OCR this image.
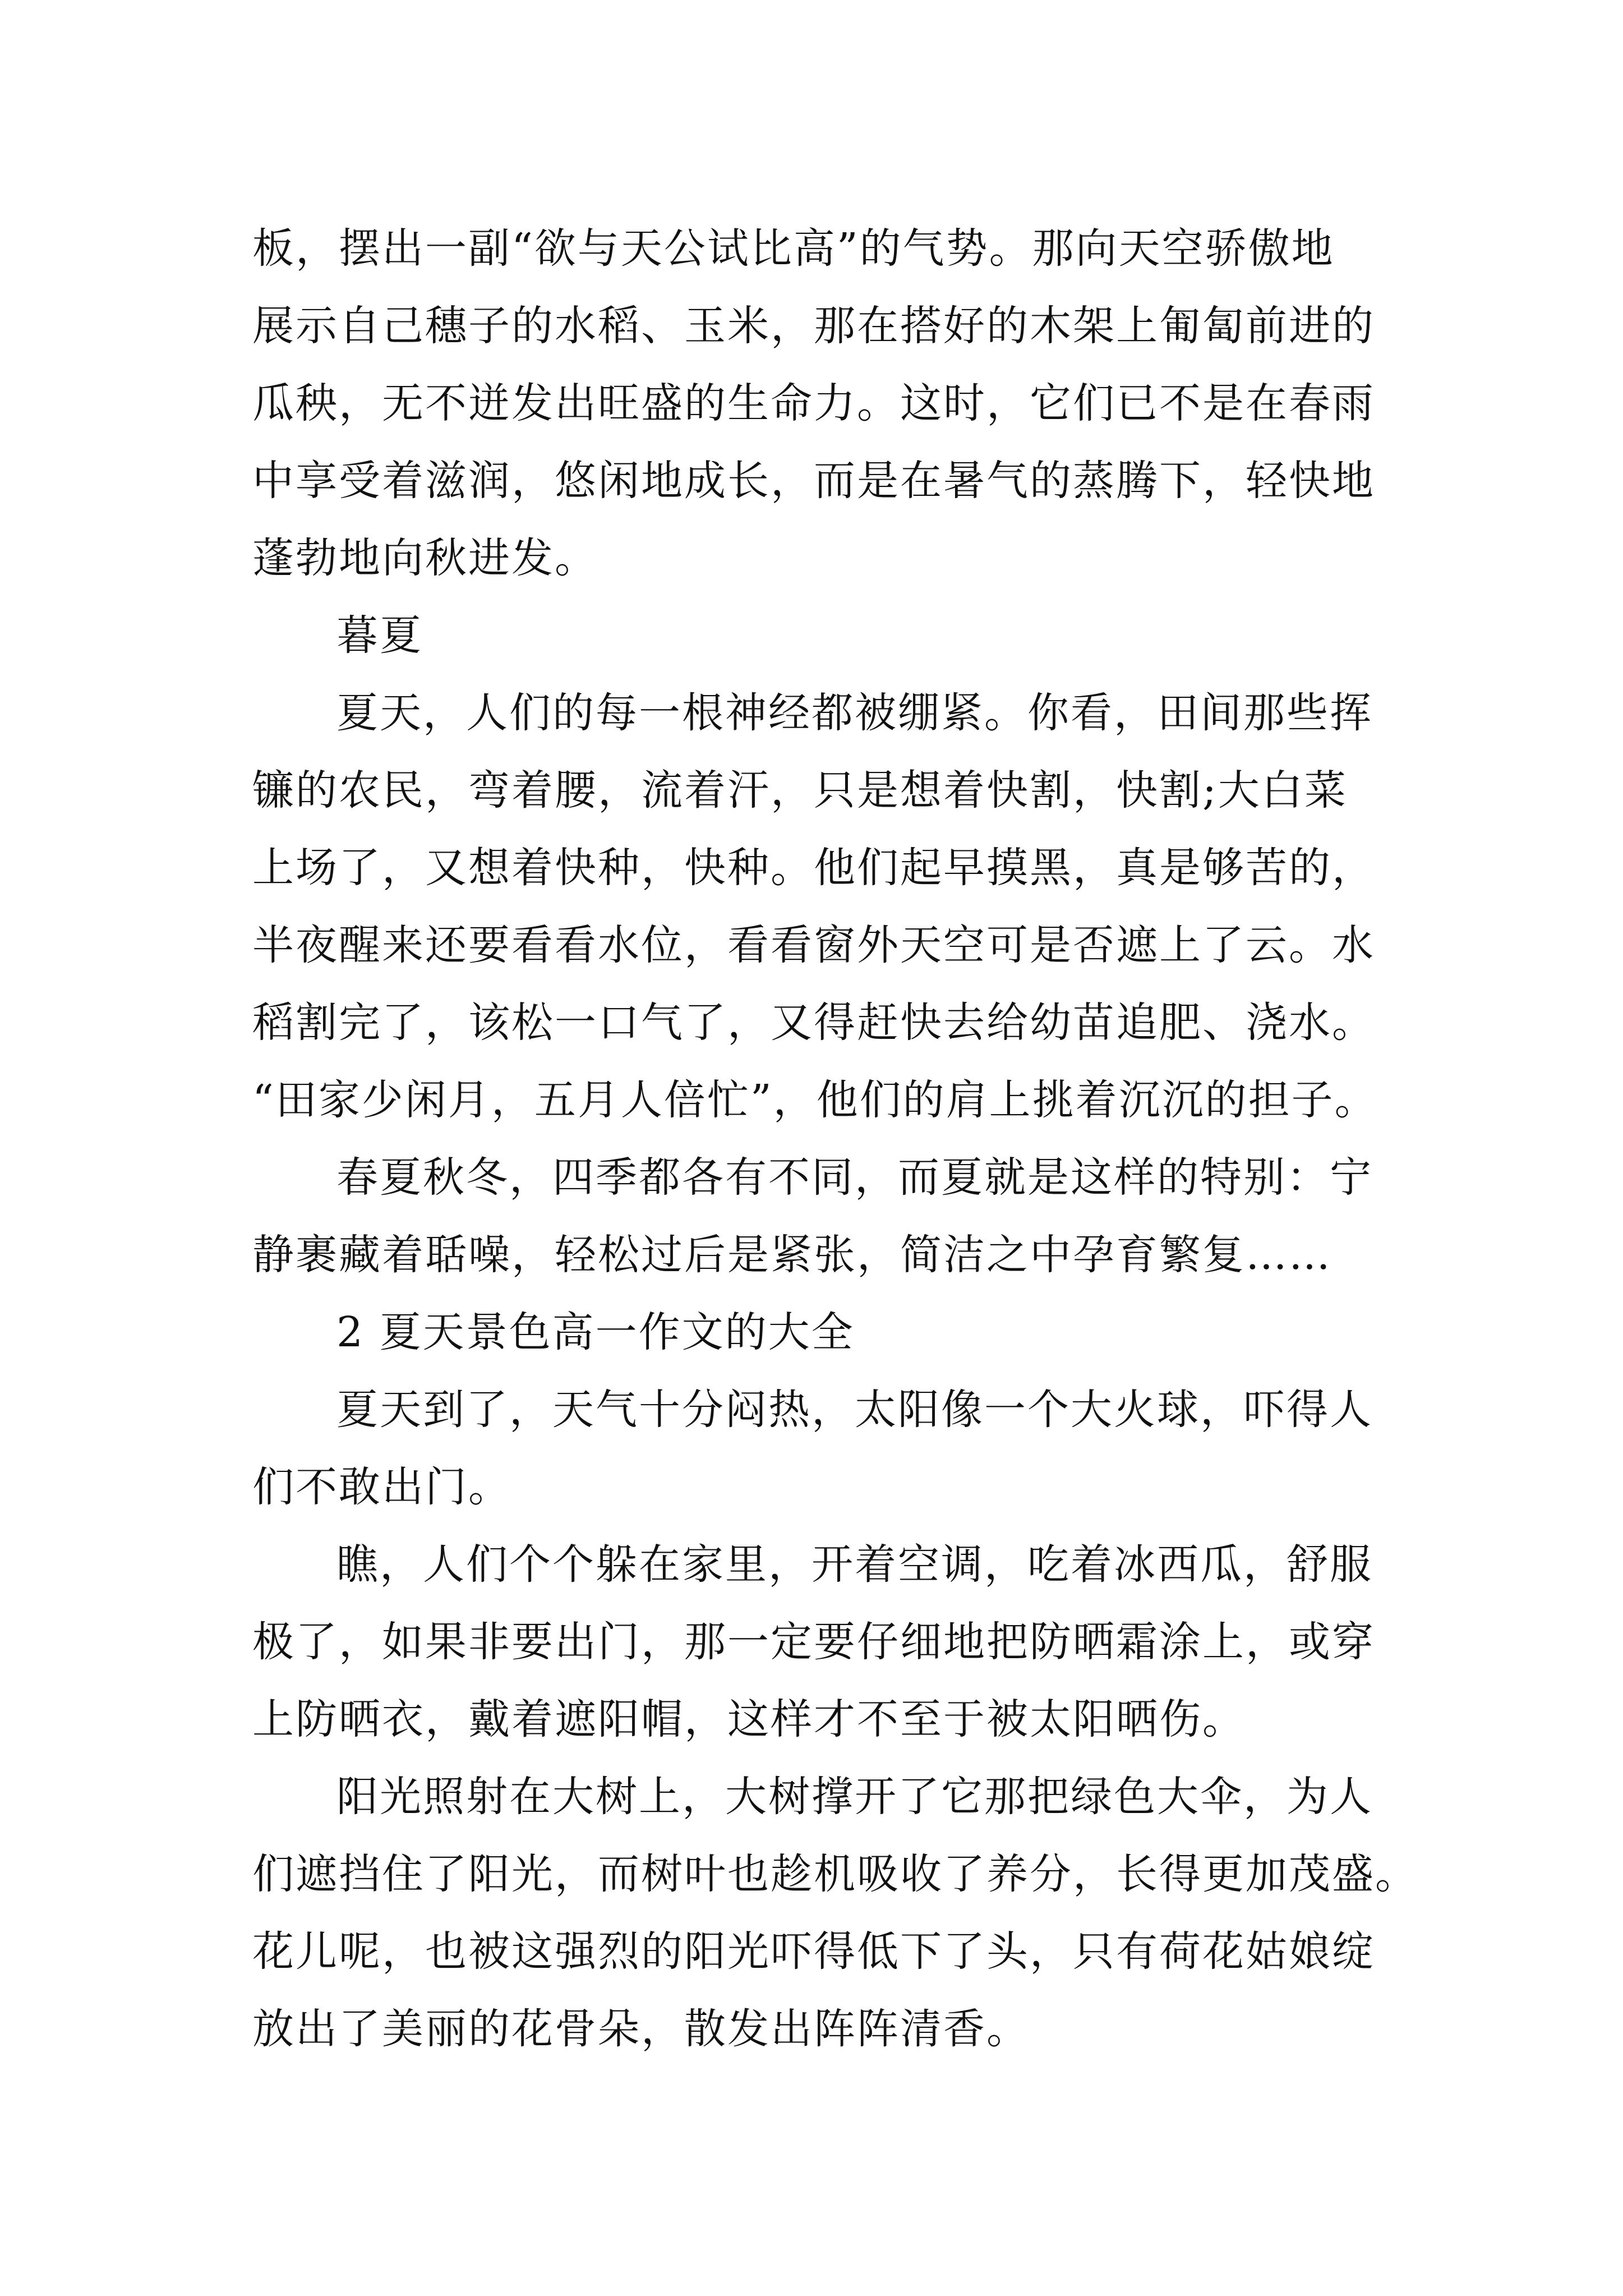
板，摆出一副“欲与天公试比高”的气势。那向天空骄傲地
展示自己穗子的水稻、玉米，那在搭好的木架上匍匐前进的
瓜秧，无不迸发出旺盛的生命力。这时，它们已不是在春雨
中享受着滋润，悠闲地成长，而是在暑气的蒸腾下，轻快地
蓬勃地向秋进发。
暮夏
夏天，人们的每一根神经都被绷紧。你看，田间那些挥
镰的农民，弯着腰，流着汗，只是想着快割，快割;大白菜
上场了，又想着快种，快种。他们起早摸黑，真是够苦的，
半夜醒来还要看看水位，看看窗外天空可是否遮上了云。水
稻割完了，该松一口气了，又得赶快去给幼苗追肥、浇水。
“田家少闲月，五月人倍忙”，他们的肩上挑着沉沉的担子。
春夏秋冬，四季都各有不同，而夏就是这样的特别：宁
静裹藏着聒噪，轻松过后是紧张，简洁之中孕育繁复……
2 夏天景色高一作文的大全
夏天到了，天气十分闷热，太阳像一个大火球，吓得人
们不敢出门。
瞧，人们个个躲在家里，开着空调，吃着冰西瓜，舒服
极了，如果非要出门，那一定要仔细地把防晒霜涂上，或穿
上防晒衣，戴着遮阳帽，这样才不至于被太阳晒伤。
阳光照射在大树上，大树撑开了它那把绿色大伞，为人
们遮挡住了阳光，而树叶也趁机吸收了养分，长得更加茂盛。
花儿呢，也被这强烈的阳光吓得低下了头，只有荷花姑娘绽
放出了美丽的花骨朵，散发出阵阵清香。
